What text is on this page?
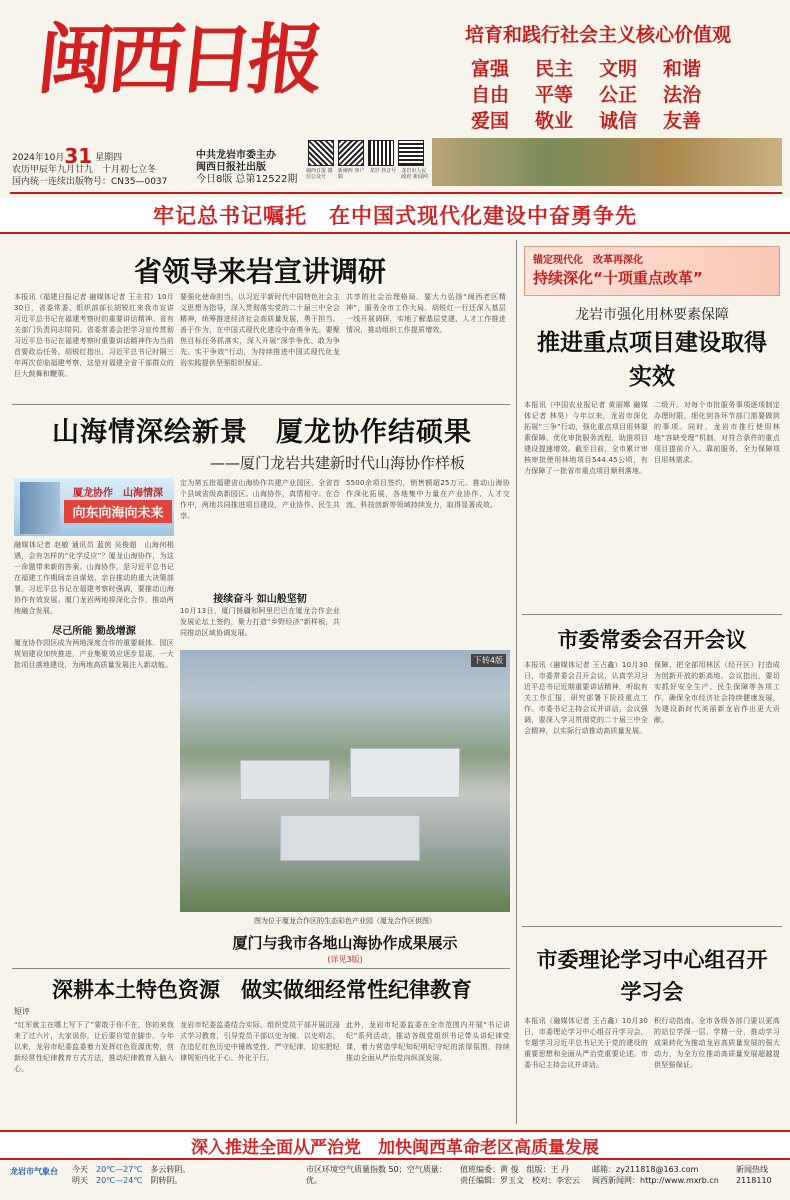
闽西日报	培育和践行社会主义核心价值观
富强 民主 文明 和谐
自由 平等 公正 法治
爱国 敬业 诚信 友善
2024年10月31 星期四
农历甲辰年九月廿九　十月初七立冬
国内统一连续出版物号：CN35—0037
中共龙岩市委主办
闽西日报社出版
今日8版 总第12522期
闽西日报 微信公众号
新闽西 客户端
龙岩 抖音号	龙岩市人民政府 新闻网
牢记总书记嘱托　在中国式现代化建设中奋勇争先
省领导来岩宣讲调研
本报讯（福建日报记者 融媒体记者 王圭君）10月30日，省委常委、组织部部长胡锐红来我市宣讲习近平总书记在福建考察时的重要讲话精神。省有关部门负责同志陪同。省委常委会把学习宣传贯彻习近平总书记在福建考察时重要讲话精神作为当前首要政治任务。胡锐红指出，习近平总书记时隔三年再次莅临福建考察，这是对福建全省干部群众的巨大鼓舞和鞭策。
要强化使命担当，以习近平新时代中国特色社会主义思想为指导，深入贯彻落实党的二十届三中全会精神，统筹推进经济社会高质量发展，勇于担当、善于作为，在中国式现代化建设中奋勇争先。要聚焦目标任务抓落实，深入开展“深学争优、敢为争先、实干争效”行动，为持续推进中国式现代化龙岩实践提供坚强组织保证。
共享的社会治理格局。要大力弘扬“闽西老区精神”，服务全市工作大局。胡锐红一行还深入基层一线开展调研，实地了解基层党建、人才工作推进情况，推动组织工作提质增效。
山海情深绘新景　厦龙协作结硕果
——厦门龙岩共建新时代山海协作样板
厦龙协作　山海情深
向东向海向未来
融媒体记者 赵敏 通讯员 蓝茵 吴俊超　山海何相遇，会有怎样的“化学反应”？厦龙山海协作，为这一命题带来新的答案。山海协作，是习近平总书记在福建工作期间亲自谋划、亲自推动的重大决策部署。习近平总书记在福建考察时强调，要推动山海协作有效发展。厦门龙岩两地将深化合作，推动两地融合发展。
尽己所能 勠战增源
厦龙协作园区成为两地深度合作的重要载体。园区规划建设加快推进，产业集聚效应逐步显现，一大批项目落地建设，为两地高质量发展注入新动能。
定为第五批福建省山海协作共建产业园区，全省首个县域省级高新园区。山海协作，真情相守。在合作中，两地共同推进项目建设，产业协作、民生共享。
接续奋斗 如山般坚韧
10月13日，厦门援疆和阿里巴巴在厦龙合作企业发展论坛上签约，聚力打造“乡野经济”新样板，共同推动区域协调发展。
5500余项目签约，销售额超25万元。推动山海协作深化拓展，各地集中力量在产业协作、人才交流、科技创新等领域持续发力，取得显著成效。
下转4版
图为位于厦龙合作区的生态彩色产业园（厦龙合作区供图）
厦门与我市各地山海协作成果展示
(详见3版)
深耕本土特色资源　做实做细经常性纪律教育
短评
“红军就主在哪上写下了”要敢于你不在，你的来我来了过六片，大家说你，让后要自觉在脚步。今年以来，龙岩市纪委监委着力发挥红色资源优势，创新经常性纪律教育方式方法，推动纪律教育入脑入心。
龙岩市纪委监委结合实际，组织党员干部开展沉浸式学习教育，引导党员干部以史为镜、以史明志，在追忆红色历史中锤炼党性、严守纪律，切实把纪律规矩内化于心、外化于行。
此外，龙岩市纪委监委在全市范围内开展“书记讲纪”系列活动，推动各级党组织书记带头讲纪律党课，着力营造学纪知纪明纪守纪的浓厚氛围，持续推动全面从严治党向纵深发展。
锚定现代化　改革再深化
持续深化“十项重点改革”
龙岩市强化用林要素保障
推进重点项目建设取得实效
本报讯（中国农业报记者 黄丽嫦 融媒体记者 林昊）今年以来，龙岩市深化拓展“三争”行动，强化重点项目用林要素保障，优化审批服务流程，助推项目建设提速增效。截至目前，全市累计审核审批使用林地项目544.45公顷，有力保障了一批省市重点项目顺利落地。
二级开。对每个市批服务事项逐项制定办理时限，细化到各环节部门需要做到的事项。同时，龙岩市推行使用林地“容缺受理”机制，对符合条件的重点项目提前介入、靠前服务，全力保障项目用林需求。
市委常委会召开会议
本报讯（融媒体记者 王占鑫）10月30日，市委常委会召开会议，认真学习习近平总书记近期重要讲话精神，听取有关工作汇报，研究部署下阶段重点工作。市委书记主持会议并讲话。会议强调，要深入学习贯彻党的二十届三中全会精神，以实际行动推动高质量发展。
保障、把全部用林区（经开区）打造成为创新开放的新高地。会议指出，要切实抓好安全生产、民生保障等各项工作，确保全市经济社会持续健康发展，为建设新时代美丽新龙岩作出更大贡献。
市委理论学习中心组召开学习会
本报讯（融媒体记者 王占鑫）10月30日，市委理论学习中心组召开学习会，专题学习习近平总书记关于党的建设的重要思想和全面从严治党重要论述。市委书记主持会议并讲话。
积行动指南。全市各级各部门要以更高的站位学深一层、学精一分，推动学习成果转化为推动龙岩高质量发展的强大动力，为全方位推动高质量发展超越提供坚强保证。
深入推进全面从严治党　加快闽西革命老区高质量发展
龙岩市气象台	今天　 20℃—27℃　 多云转阴。
明天　 20℃—24℃　 阴转阴。
市区环境空气质量指数 50；空气质量：优。
值班编委：黄 俊　组版：王 丹
责任编辑：罗玉文　校对：李宏云
邮箱：zy211818@163.com
闽西新闻网：http://www.mxrb.cn
新闻热线 2118110
